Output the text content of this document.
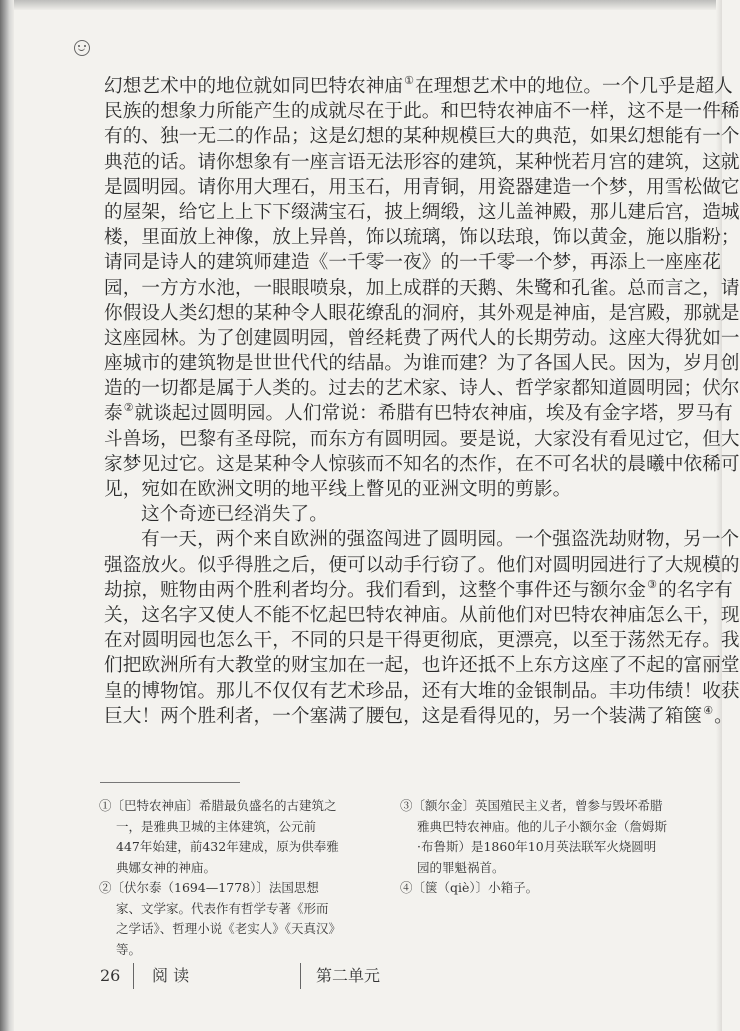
幻想艺术中的地位就如同巴特农神庙①在理想艺术中的地位。一个几乎是超人
民族的想象力所能产生的成就尽在于此。和巴特农神庙不一样，这不是一件稀
有的、独一无二的作品；这是幻想的某种规模巨大的典范，如果幻想能有一个
典范的话。请你想象有一座言语无法形容的建筑，某种恍若月宫的建筑，这就
是圆明园。请你用大理石，用玉石，用青铜，用瓷器建造一个梦，用雪松做它
的屋架，给它上上下下缀满宝石，披上绸缎，这儿盖神殿，那儿建后宫，造城
楼，里面放上神像，放上异兽，饰以琉璃，饰以珐琅，饰以黄金，施以脂粉；
请同是诗人的建筑师建造《一千零一夜》的一千零一个梦，再添上一座座花
园，一方方水池，一眼眼喷泉，加上成群的天鹅、朱鹭和孔雀。总而言之，请
你假设人类幻想的某种令人眼花缭乱的洞府，其外观是神庙，是宫殿，那就是
这座园林。为了创建圆明园，曾经耗费了两代人的长期劳动。这座大得犹如一
座城市的建筑物是世世代代的结晶。为谁而建？为了各国人民。因为，岁月创
造的一切都是属于人类的。过去的艺术家、诗人、哲学家都知道圆明园；伏尔
泰②就谈起过圆明园。人们常说：希腊有巴特农神庙，埃及有金字塔，罗马有
斗兽场，巴黎有圣母院，而东方有圆明园。要是说，大家没有看见过它，但大
家梦见过它。这是某种令人惊骇而不知名的杰作，在不可名状的晨曦中依稀可
见，宛如在欧洲文明的地平线上瞥见的亚洲文明的剪影。
这个奇迹已经消失了。
有一天，两个来自欧洲的强盗闯进了圆明园。一个强盗洗劫财物，另一个
强盗放火。似乎得胜之后，便可以动手行窃了。他们对圆明园进行了大规模的
劫掠，赃物由两个胜利者均分。我们看到，这整个事件还与额尔金③的名字有
关，这名字又使人不能不忆起巴特农神庙。从前他们对巴特农神庙怎么干，现
在对圆明园也怎么干，不同的只是干得更彻底，更漂亮，以至于荡然无存。我
们把欧洲所有大教堂的财宝加在一起，也许还抵不上东方这座了不起的富丽堂
皇的博物馆。那儿不仅仅有艺术珍品，还有大堆的金银制品。丰功伟绩！收获
巨大！两个胜利者，一个塞满了腰包，这是看得见的，另一个装满了箱箧④。
①〔巴特农神庙〕希腊最负盛名的古建筑之一，是雅典卫城的主体建筑，公元前447年始建，前432年建成，原为供奉雅典娜女神的神庙。
②〔伏尔泰（1694—1778）〕法国思想家、文学家。代表作有哲学专著《形而之学话》、哲理小说《老实人》《天真汉》等。
③〔额尔金〕英国殖民主义者，曾参与毁坏希腊雅典巴特农神庙。他的儿子小额尔金（詹姆斯·布鲁斯）是1860年10月英法联军火烧圆明园的罪魁祸首。
④〔箧（qiè）〕小箱子。
26 阅 读	第二单元
